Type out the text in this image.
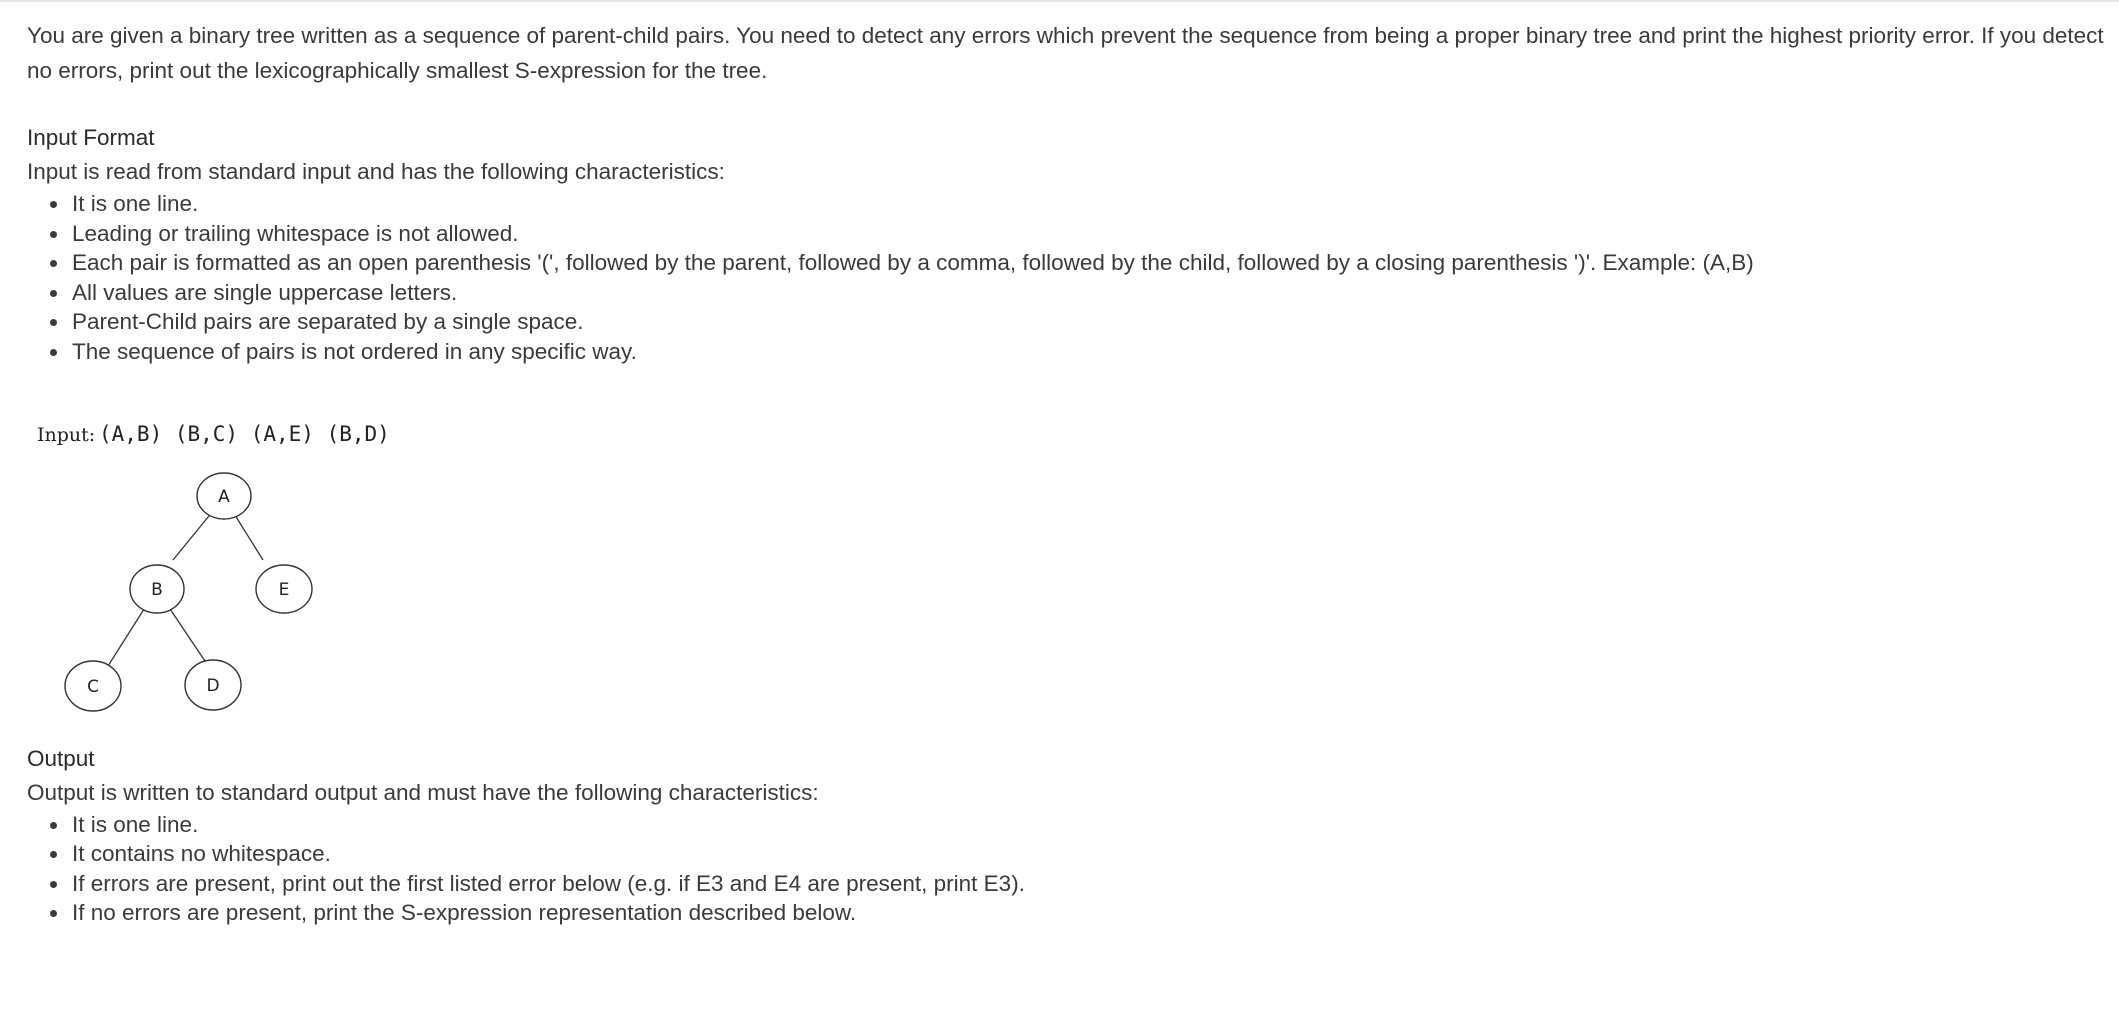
You are given a binary tree written as a sequence of parent-child pairs. You need to detect any errors which prevent the sequence from being a proper binary tree and print the highest priority error. If you detect no errors, print out the lexicographically smallest S-expression for the tree.

Input Format

Input is read from standard input and has the following characteristics:

It is one line.
Leading or trailing whitespace is not allowed.
Each pair is formatted as an open parenthesis '(', followed by the parent, followed by a comma, followed by the child, followed by a closing parenthesis ')'. Example: (A,B)
All values are single uppercase letters.
Parent-Child pairs are separated by a single space.
The sequence of pairs is not ordered in any specific way.
Input: (A,B) (B,C) (A,E) (B,D)
A
B	E
C	D
Output

Output is written to standard output and must have the following characteristics:

It is one line.
It contains no whitespace.
If errors are present, print out the first listed error below (e.g. if E3 and E4 are present, print E3).
If no errors are present, print the S-expression representation described below.
